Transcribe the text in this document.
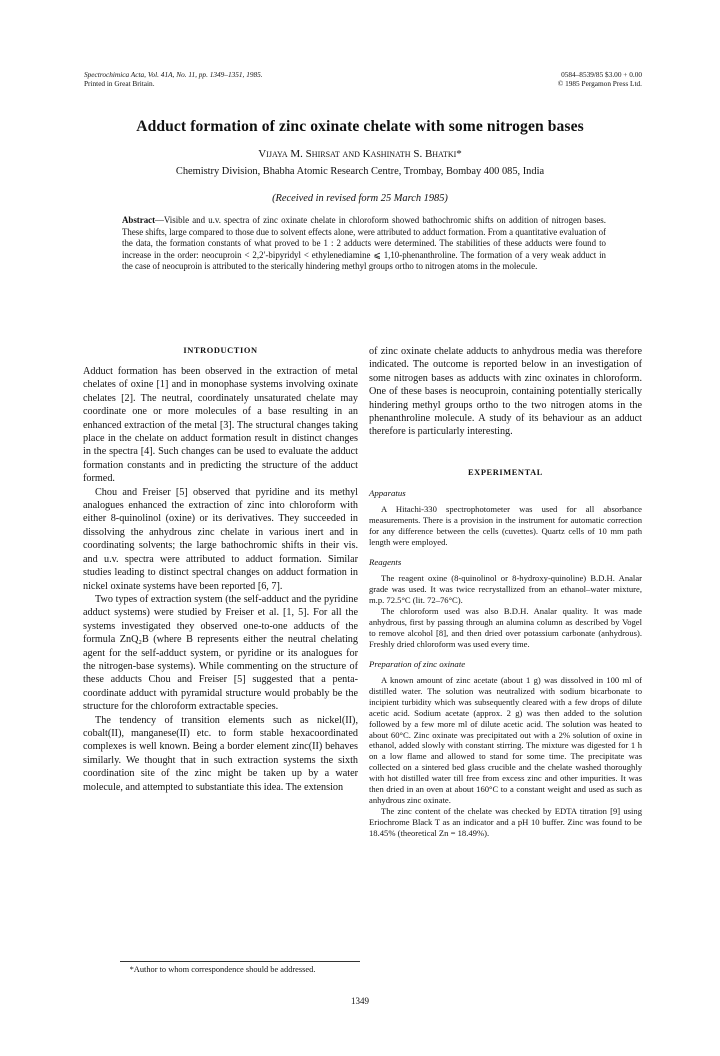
Spectrochimica Acta, Vol. 41A, No. 11, pp. 1349–1351, 1985.
Printed in Great Britain.
0584–8539/85 $3.00 + 0.00
© 1985 Pergamon Press Ltd.
Adduct formation of zinc oxinate chelate with some nitrogen bases
Vijaya M. Shirsat and Kashinath S. Bhatki*
Chemistry Division, Bhabha Atomic Research Centre, Trombay, Bombay 400 085, India
(Received in revised form 25 March 1985)
Abstract—Visible and u.v. spectra of zinc oxinate chelate in chloroform showed bathochromic shifts on addition of nitrogen bases. These shifts, large compared to those due to solvent effects alone, were attributed to adduct formation. From a quantitative evaluation of the data, the formation constants of what proved to be 1 : 2 adducts were determined. The stabilities of these adducts were found to increase in the order: neocuproin < 2,2′-bipyridyl < ethylenediamine ⩽ 1,10-phenanthroline. The formation of a very weak adduct in the case of neocuproin is attributed to the sterically hindering methyl groups ortho to nitrogen atoms in the molecule.
INTRODUCTION

Adduct formation has been observed in the extraction of metal chelates of oxine [1] and in monophase systems involving oxinate chelates [2]. The neutral, coordinately unsaturated chelate may coordinate one or more molecules of a base resulting in an enhanced extraction of the metal [3]. The structural changes taking place in the chelate on adduct formation result in distinct changes in the spectra [4]. Such changes can be used to evaluate the adduct formation constants and in predicting the structure of the adduct formed.

Chou and Freiser [5] observed that pyridine and its methyl analogues enhanced the extraction of zinc into chloroform with either 8-quinolinol (oxine) or its derivatives. They succeeded in dissolving the anhydrous zinc chelate in various inert and in coordinating solvents; the large bathochromic shifts in their vis. and u.v. spectra were attributed to adduct formation. Similar studies leading to distinct spectral changes on adduct formation in nickel oxinate systems have been reported [6, 7].

Two types of extraction system (the self-adduct and the pyridine adduct systems) were studied by Freiser et al. [1, 5]. For all the systems investigated they observed one-to-one adducts of the formula ZnQ₂B (where B represents either the neutral chelating agent for the self-adduct system, or pyridine or its analogues for the nitrogen-base systems). While commenting on the structure of these adducts Chou and Freiser [5] suggested that a penta-coordinate adduct with pyramidal structure would probably be the structure for the chloroform extractable species.

The tendency of transition elements such as nickel(II), cobalt(II), manganese(II) etc. to form stable hexacoordinated complexes is well known. Being a border element zinc(II) behaves similarly. We thought that in such extraction systems the sixth coordination site of the zinc might be taken up by a water molecule, and attempted to substantiate this idea. The extension

of zinc oxinate chelate adducts to anhydrous media was therefore indicated. The outcome is reported below in an investigation of some nitrogen bases as adducts with zinc oxinates in chloroform. One of these bases is neocuproin, containing potentially sterically hindering methyl groups ortho to the two nitrogen atoms in the phenanthroline molecule. A study of its behaviour as an adduct therefore is particularly interesting.

EXPERIMENTAL
Apparatus

A Hitachi-330 spectrophotometer was used for all absorbance measurements. There is a provision in the instrument for automatic correction for any difference between the cells (cuvettes). Quartz cells of 10 mm path length were employed.

Reagents

The reagent oxine (8-quinolinol or 8-hydroxy-quinoline) B.D.H. Analar grade was used. It was twice recrystallized from an ethanol–water mixture, m.p. 72.5°C (lit. 72–76°C).

The chloroform used was also B.D.H. Analar quality. It was made anhydrous, first by passing through an alumina column as described by Vogel to remove alcohol [8], and then dried over potassium carbonate (anhydrous). Freshly dried chloroform was used every time.

Preparation of zinc oxinate

A known amount of zinc acetate (about 1 g) was dissolved in 100 ml of distilled water. The solution was neutralized with sodium bicarbonate to incipient turbidity which was subsequently cleared with a few drops of dilute acetic acid. Sodium acetate (approx. 2 g) was then added to the solution followed by a few more ml of dilute acetic acid. The solution was heated to about 60°C. Zinc oxinate was precipitated out with a 2% solution of oxine in ethanol, added slowly with constant stirring. The mixture was digested for 1 h on a low flame and allowed to stand for some time. The precipitate was collected on a sintered bed glass crucible and the chelate washed thoroughly with hot distilled water till free from excess zinc and other impurities. It was then dried in an oven at about 160°C to a constant weight and used as such as anhydrous zinc oxinate.

The zinc content of the chelate was checked by EDTA titration [9] using Eriochrome Black T as an indicator and a pH 10 buffer. Zinc was found to be 18.45% (theoretical Zn = 18.49%).

*Author to whom correspondence should be addressed.
1349
